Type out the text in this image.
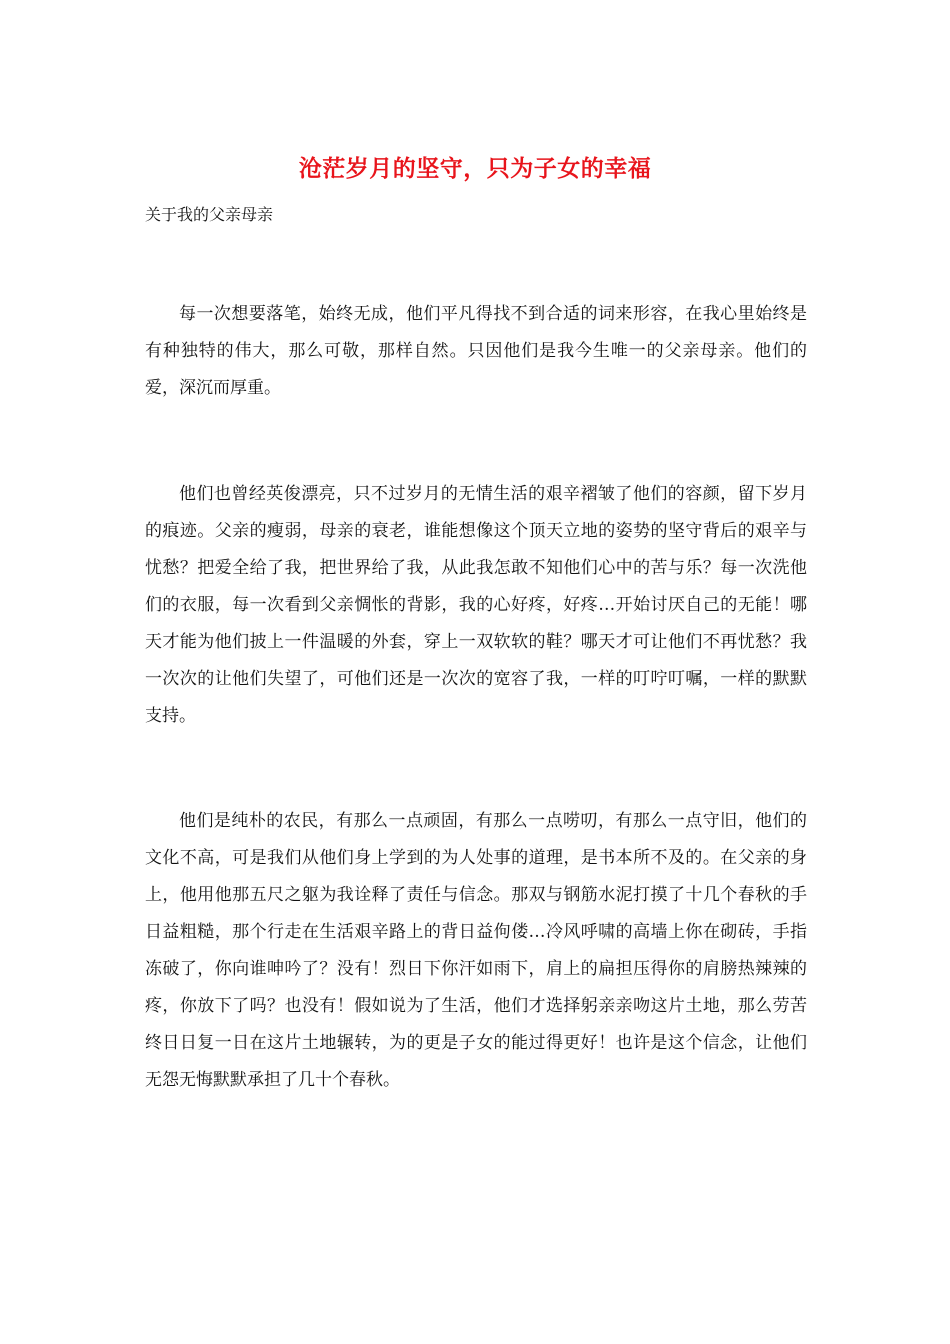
沧茫岁月的坚守，只为子女的幸福
关于我的父亲母亲

每一次想要落笔，始终无成，他们平凡得找不到合适的词来形容，在我心里始终是有种独特的伟大，那么可敬，那样自然。只因他们是我今生唯一的父亲母亲。他们的爱，深沉而厚重。

他们也曾经英俊漂亮，只不过岁月的无情生活的艰辛褶皱了他们的容颜，留下岁月的痕迹。父亲的瘦弱，母亲的衰老，谁能想像这个顶天立地的姿势的坚守背后的艰辛与忧愁？把爱全给了我，把世界给了我，从此我怎敢不知他们心中的苦与乐？每一次洗他们的衣服，每一次看到父亲惆怅的背影，我的心好疼，好疼…开始讨厌自己的无能！哪天才能为他们披上一件温暖的外套，穿上一双软软的鞋？哪天才可让他们不再忧愁？我一次次的让他们失望了，可他们还是一次次的宽容了我，一样的叮咛叮嘱，一样的默默支持。

他们是纯朴的农民，有那么一点顽固，有那么一点唠叨，有那么一点守旧，他们的文化不高，可是我们从他们身上学到的为人处事的道理，是书本所不及的。在父亲的身上，他用他那五尺之躯为我诠释了责任与信念。那双与钢筋水泥打摸了十几个春秋的手日益粗糙，那个行走在生活艰辛路上的背日益佝偻…冷风呼啸的高墙上你在砌砖，手指冻破了，你向谁呻吟了？没有！烈日下你汗如雨下，肩上的扁担压得你的肩膀热辣辣的疼，你放下了吗？也没有！假如说为了生活，他们才选择躬亲亲吻这片土地，那么劳苦终日日复一日在这片土地辗转，为的更是子女的能过得更好！也许是这个信念，让他们无怨无悔默默承担了几十个春秋。
